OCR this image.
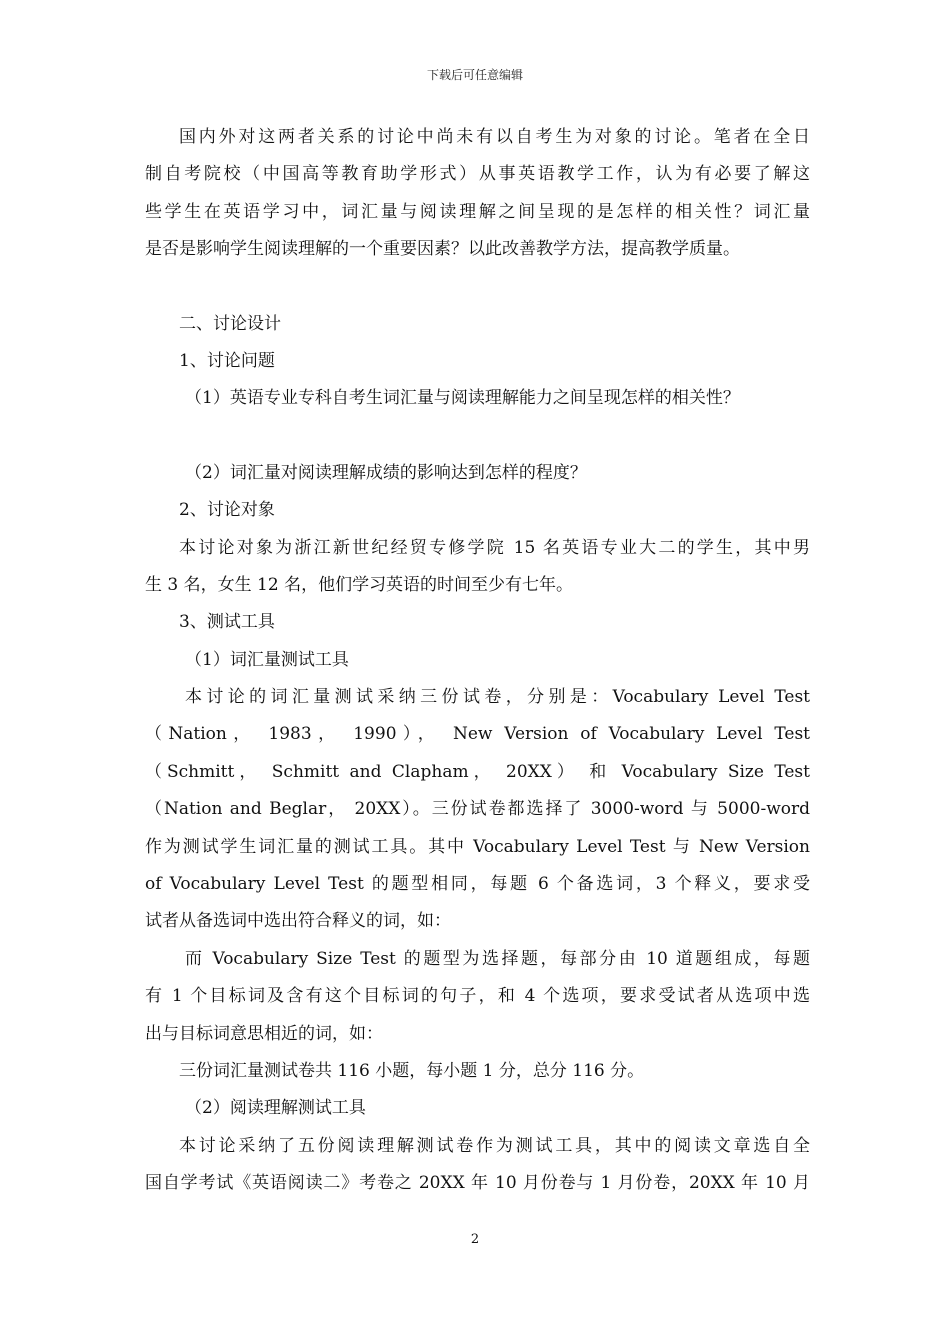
下载后可任意编辑
国内外对这两者关系的讨论中尚未有以自考生为对象的讨论。笔者在全日
制自考院校（中国高等教育助学形式）从事英语教学工作，认为有必要了解这
些学生在英语学习中，词汇量与阅读理解之间呈现的是怎样的相关性？词汇量
是否是影响学生阅读理解的一个重要因素？以此改善教学方法，提高教学质量。
二、讨论设计
1、讨论问题
（1）英语专业专科自考生词汇量与阅读理解能力之间呈现怎样的相关性？
（2）词汇量对阅读理解成绩的影响达到怎样的程度？
2、讨论对象
本讨论对象为浙江新世纪经贸专修学院 15 名英语专业大二的学生，其中男
生 3 名，女生 12 名，他们学习英语的时间至少有七年。
3、测试工具
（1）词汇量测试工具
本讨论的词汇量测试采纳三份试卷，分别是：Vocabulary Level Test
（Nation， 1983， 1990）， New Version of Vocabulary Level Test
（Schmitt， Schmitt and Clapham， 20XX） 和 Vocabulary Size Test
（Nation and Beglar， 20XX）。三份试卷都选择了 3000-word 与 5000-word
作为测试学生词汇量的测试工具。其中 Vocabulary Level Test 与 New Version
of Vocabulary Level Test 的题型相同，每题 6 个备选词，3 个释义，要求受
试者从备选词中选出符合释义的词，如：
而 Vocabulary Size Test 的题型为选择题，每部分由 10 道题组成，每题
有 1 个目标词及含有这个目标词的句子，和 4 个选项，要求受试者从选项中选
出与目标词意思相近的词，如：
三份词汇量测试卷共 116 小题，每小题 1 分，总分 116 分。
（2）阅读理解测试工具
本讨论采纳了五份阅读理解测试卷作为测试工具，其中的阅读文章选自全
国自学考试《英语阅读二》考卷之 20XX 年 10 月份卷与 1 月份卷，20XX 年 10 月
2
